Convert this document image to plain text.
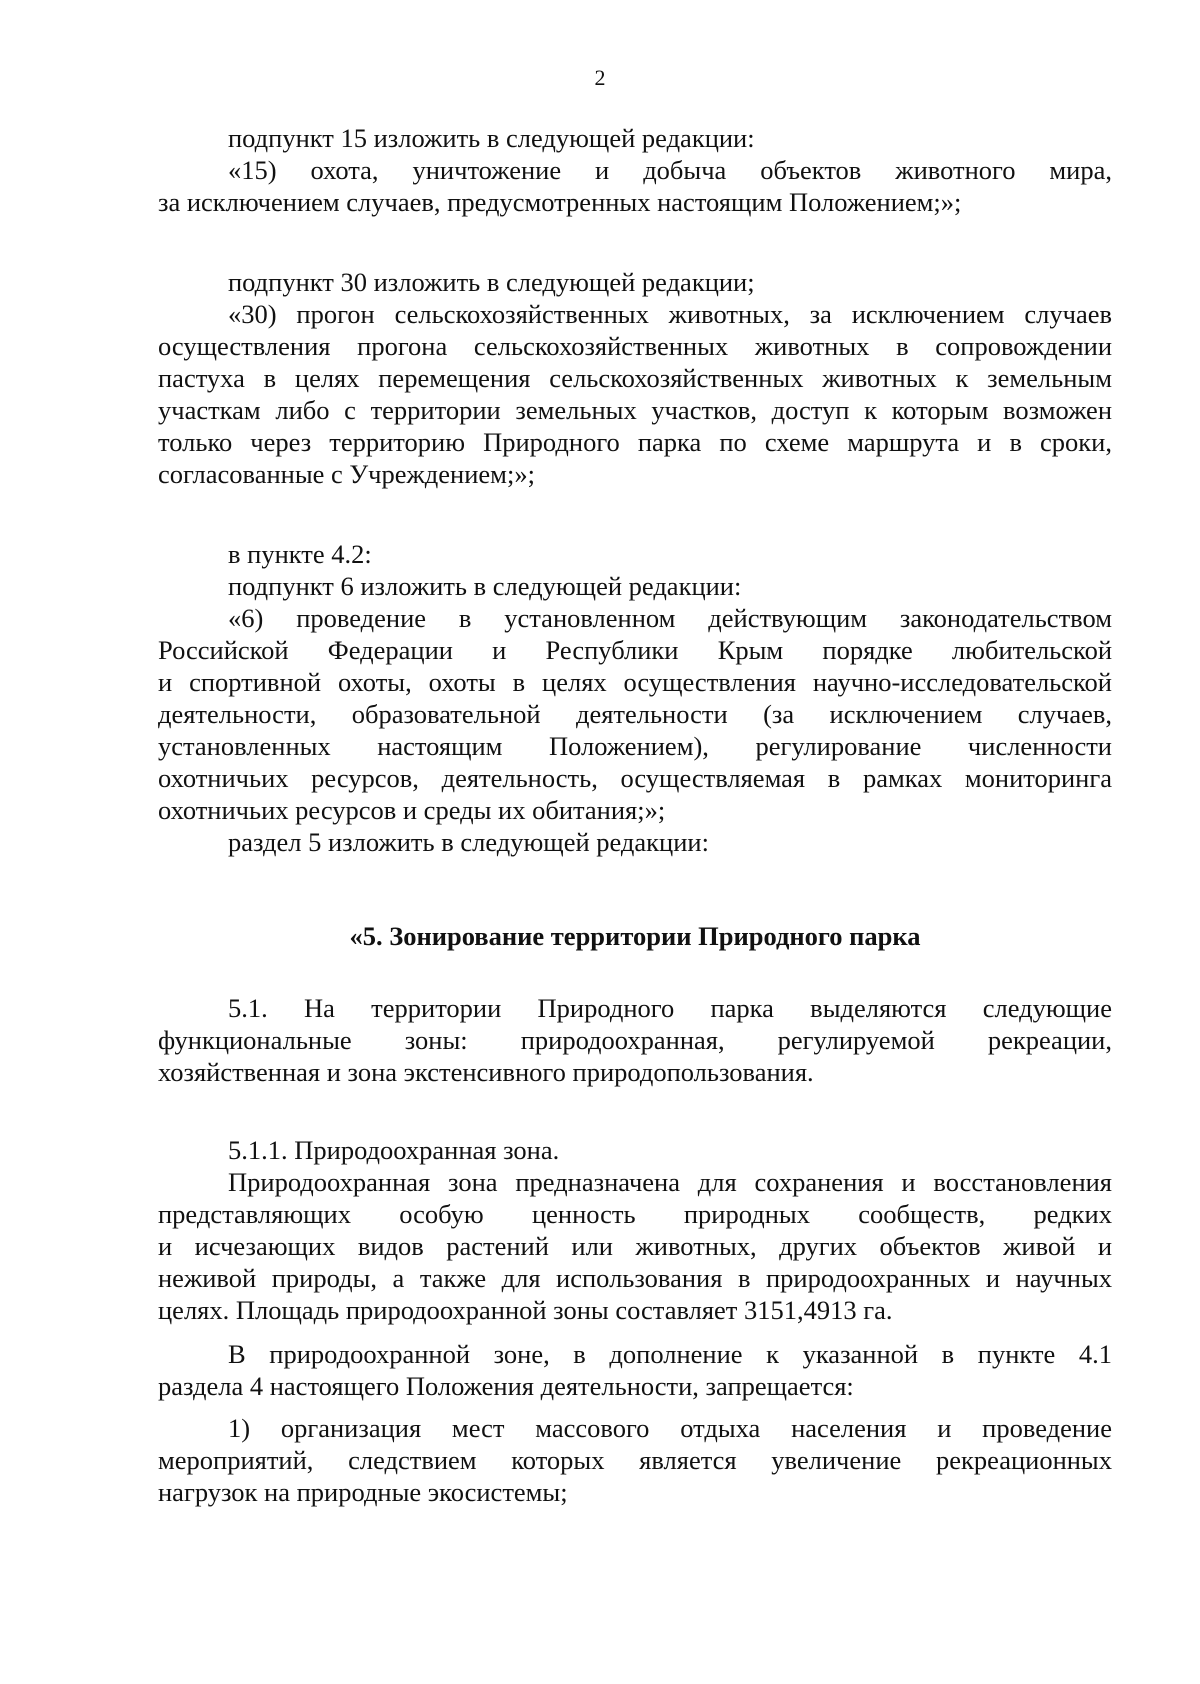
2
подпункт 15 изложить в следующей редакции:
«15) охота, уничтожение и добыча объектов животного мира,
за исключением случаев, предусмотренных настоящим Положением;»;
подпункт 30 изложить в следующей редакции;
«30) прогон сельскохозяйственных животных, за исключением случаев
осуществления прогона сельскохозяйственных животных в сопровождении
пастуха в целях перемещения сельскохозяйственных животных к земельным
участкам либо с территории земельных участков, доступ к которым возможен
только через территорию Природного парка по схеме маршрута и в сроки,
согласованные с Учреждением;»;
в пункте 4.2:
подпункт 6 изложить в следующей редакции:
«6) проведение в установленном действующим законодательством
Российской Федерации и Республики Крым порядке любительской
и спортивной охоты, охоты в целях осуществления научно-исследовательской
деятельности, образовательной деятельности (за исключением случаев,
установленных настоящим Положением), регулирование численности
охотничьих ресурсов, деятельность, осуществляемая в рамках мониторинга
охотничьих ресурсов и среды их обитания;»;
раздел 5 изложить в следующей редакции:
5.1. На территории Природного парка выделяются следующие
функциональные зоны: природоохранная, регулируемой рекреации,
хозяйственная и зона экстенсивного природопользования.
5.1.1. Природоохранная зона.
Природоохранная зона предназначена для сохранения и восстановления
представляющих особую ценность природных сообществ, редких
и исчезающих видов растений или животных, других объектов живой и
неживой природы, а также для использования в природоохранных и научных
целях. Площадь природоохранной зоны составляет 3151,4913 га.
В природоохранной зоне, в дополнение к указанной в пункте 4.1
раздела 4 настоящего Положения деятельности, запрещается:
1) организация мест массового отдыха населения и проведение
мероприятий, следствием которых является увеличение рекреационных
нагрузок на природные экосистемы;
«5. Зонирование территории Природного парка
